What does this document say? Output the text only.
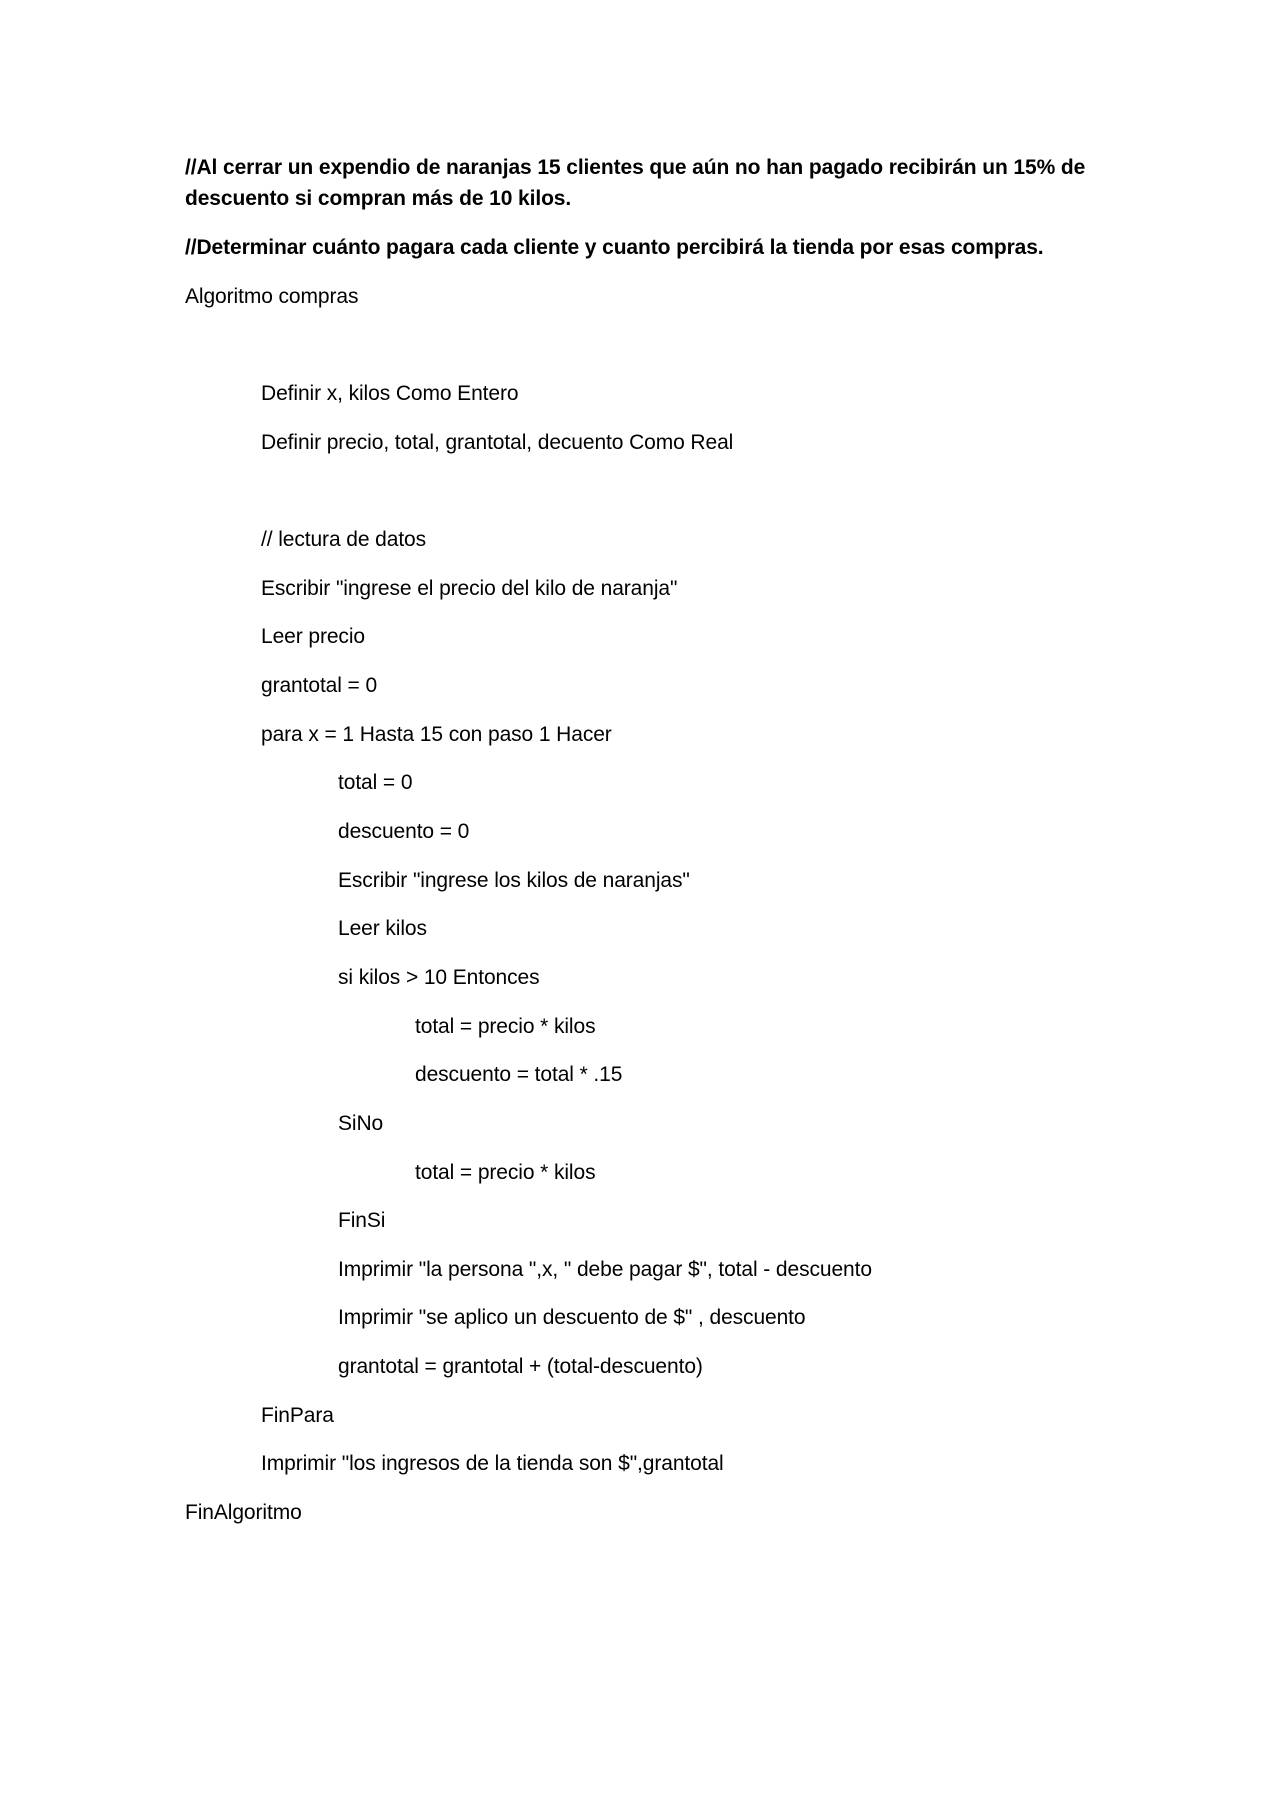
//Al cerrar un expendio de naranjas 15 clientes que aún no han pagado recibirán un 15% de descuento si compran más de 10 kilos.
//Determinar cuánto pagara cada cliente y cuanto percibirá la tienda por esas compras.
Algoritmo compras
Definir x, kilos Como Entero
Definir precio, total, grantotal, decuento Como Real
// lectura de datos
Escribir "ingrese el precio del kilo de naranja"
Leer precio
grantotal = 0
para x = 1 Hasta 15 con paso 1 Hacer
total = 0
descuento = 0
Escribir "ingrese los kilos de naranjas"
Leer kilos
si kilos > 10 Entonces
total = precio * kilos
descuento = total * .15
SiNo
total = precio * kilos
FinSi
Imprimir "la persona ",x, " debe pagar $", total - descuento
Imprimir "se aplico un descuento de $" , descuento
grantotal = grantotal + (total-descuento)
FinPara
Imprimir "los ingresos de la tienda son $",grantotal
FinAlgoritmo
